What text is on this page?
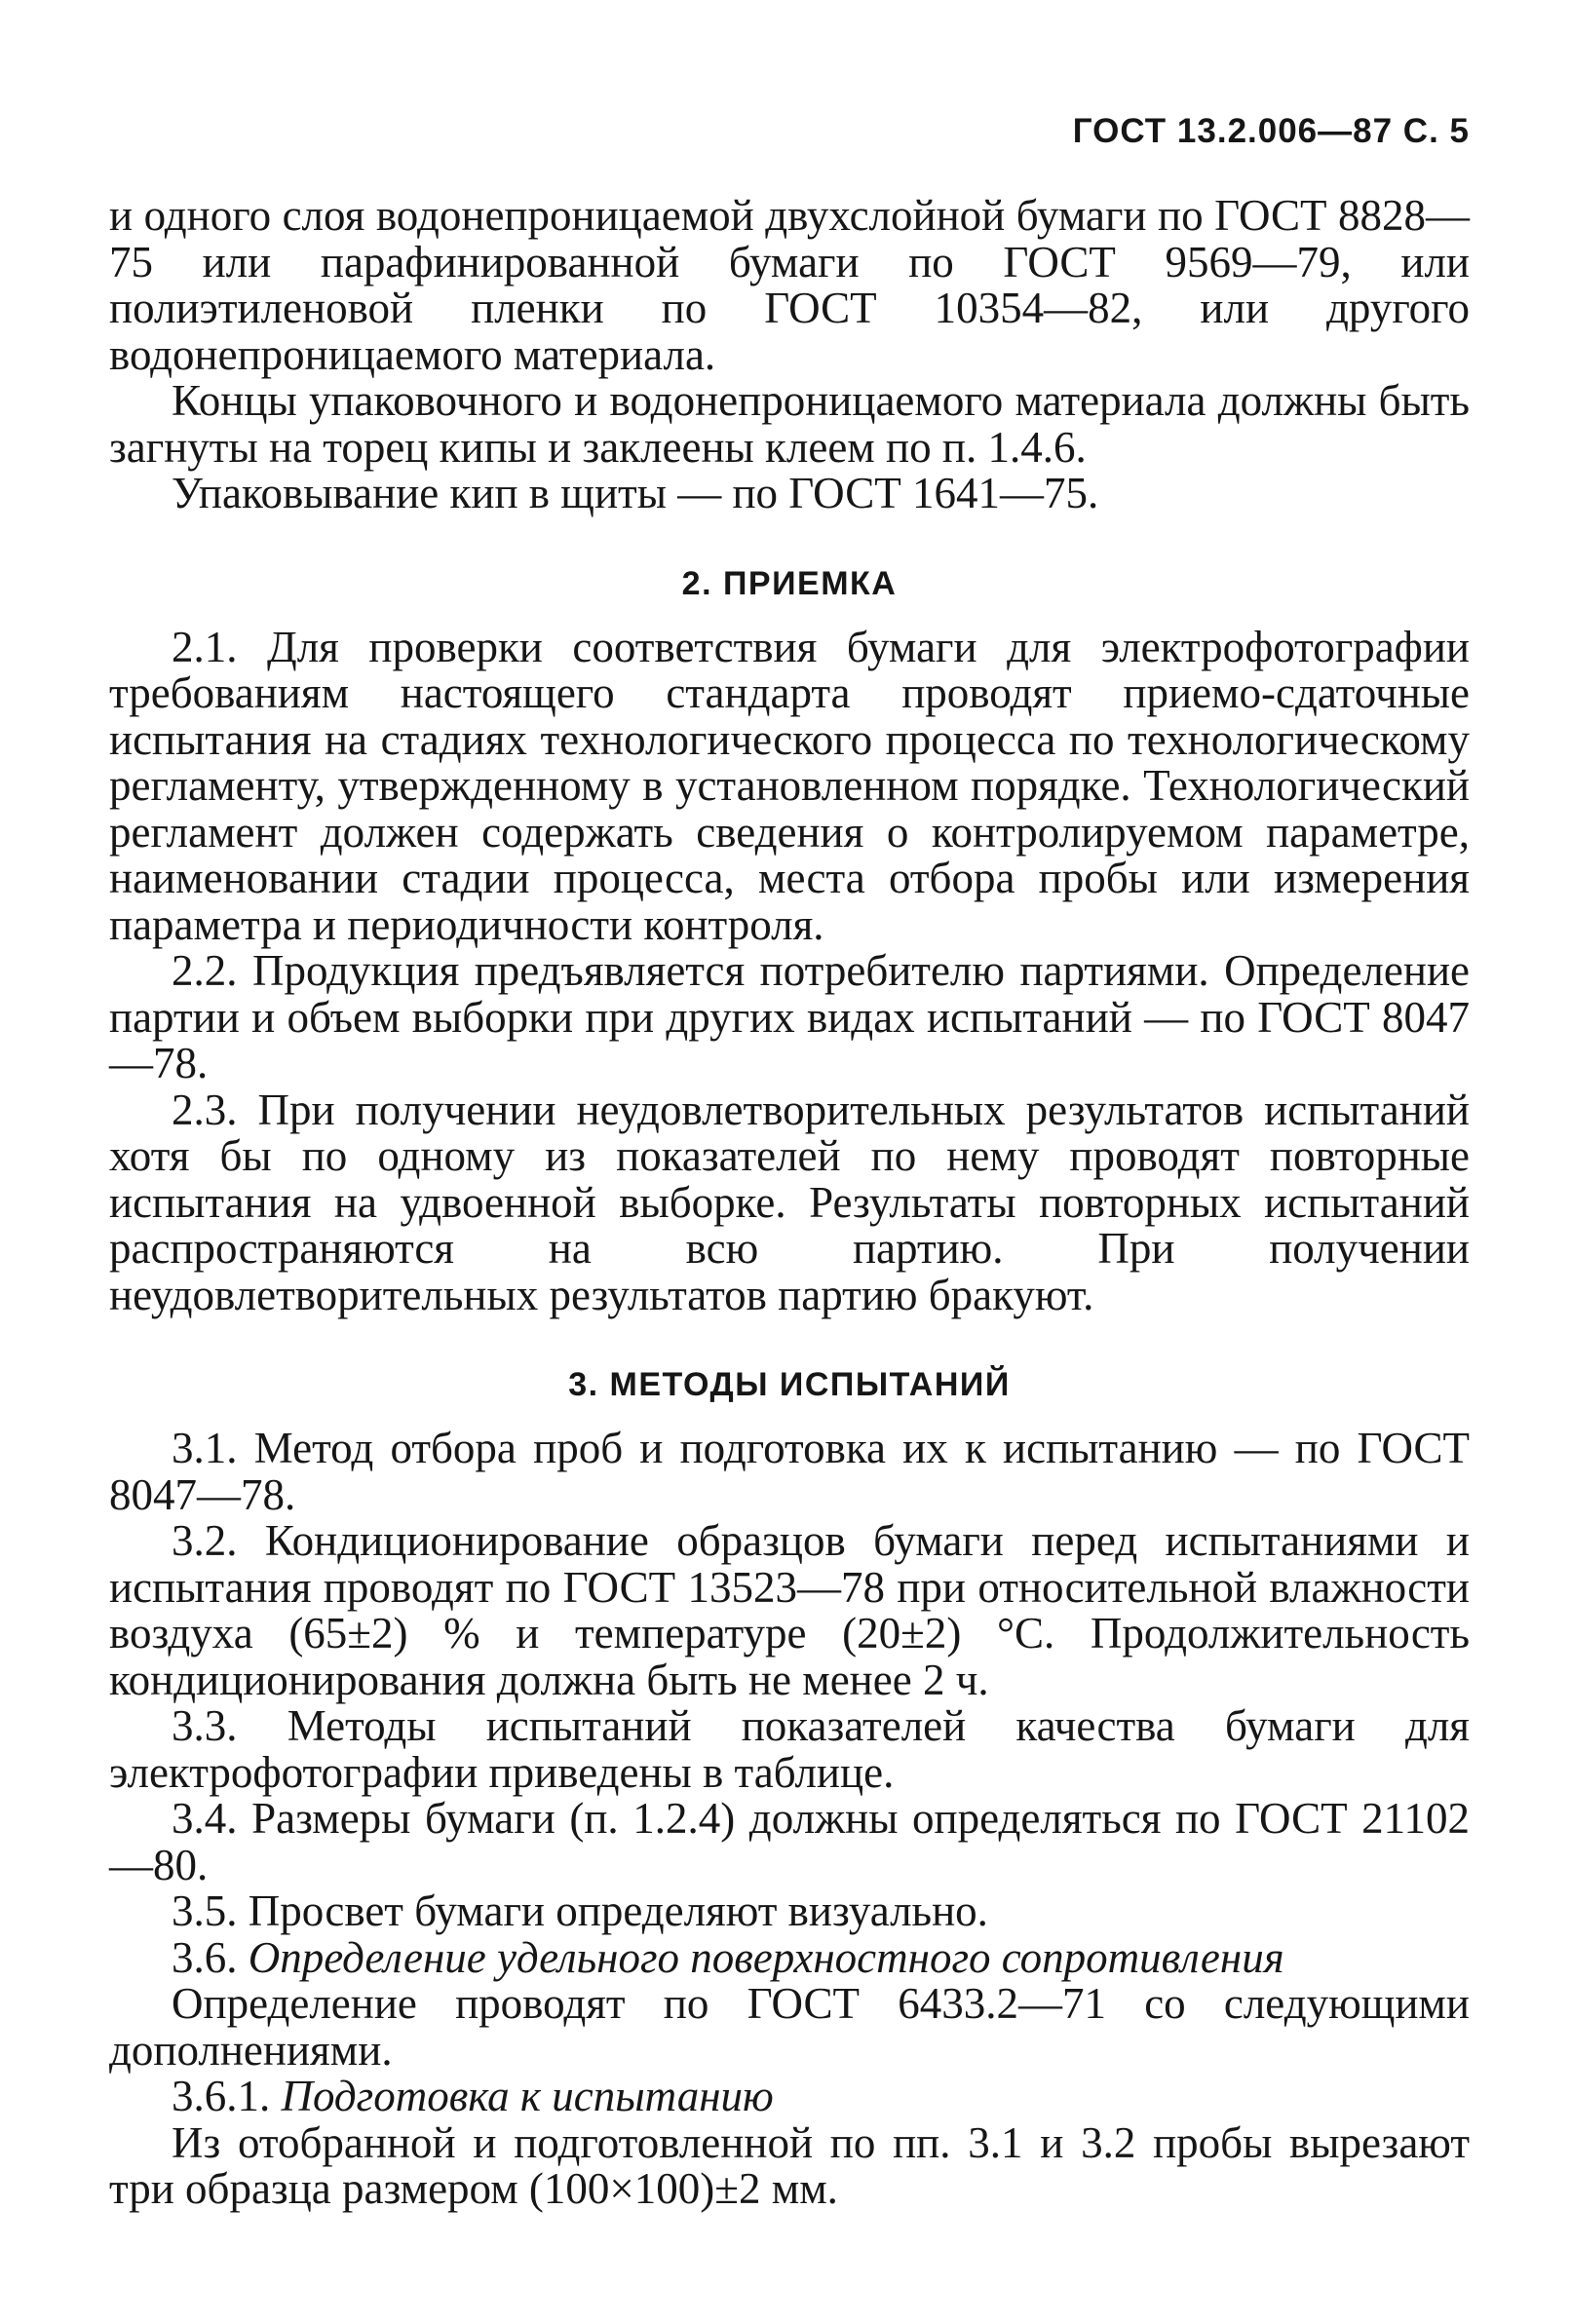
ГОСТ 13.2.006—87 С. 5

и одного слоя водонепроницаемой двухслойной бумаги по ГОСТ 8828—75 или парафинированной бумаги по ГОСТ 9569—79, или полиэтиленовой пленки по ГОСТ 10354—82, или другого водонепроницаемого материала.

Концы упаковочного и водонепроницаемого материала должны быть загнуты на торец кипы и заклеены клеем по п. 1.4.6.

Упаковывание кип в щиты — по ГОСТ 1641—75.

2. ПРИЕМКА

2.1. Для проверки соответствия бумаги для электрофотографии требованиям настоящего стандарта проводят приемо-сдаточные испытания на стадиях технологического процесса по технологическому регламенту, утвержденному в установленном порядке. Технологический регламент должен содержать сведения о контролируемом параметре, наименовании стадии процесса, места отбора пробы или измерения параметра и периодичности контроля.

2.2. Продукция предъявляется потребителю партиями. Определение партии и объем выборки при других видах испытаний — по ГОСТ 8047—78.

2.3. При получении неудовлетворительных результатов испытаний хотя бы по одному из показателей по нему проводят повторные испытания на удвоенной выборке. Результаты повторных испытаний распространяются на всю партию. При получении неудовлетворительных результатов партию бракуют.

3. МЕТОДЫ ИСПЫТАНИЙ

3.1. Метод отбора проб и подготовка их к испытанию — по ГОСТ 8047—78.

3.2. Кондиционирование образцов бумаги перед испытаниями и испытания проводят по ГОСТ 13523—78 при относительной влажности воздуха (65±2) % и температуре (20±2) °С. Продолжительность кондиционирования должна быть не менее 2 ч.

3.3. Методы испытаний показателей качества бумаги для электрофотографии приведены в таблице.

3.4. Размеры бумаги (п. 1.2.4) должны определяться по ГОСТ 21102—80.

3.5. Просвет бумаги определяют визуально.

3.6. Определение удельного поверхностного сопротивления

Определение проводят по ГОСТ 6433.2—71 со следующими дополнениями.

3.6.1. Подготовка к испытанию

Из отобранной и подготовленной по пп. 3.1 и 3.2 пробы вырезают три образца размером (100×100)±2 мм.
